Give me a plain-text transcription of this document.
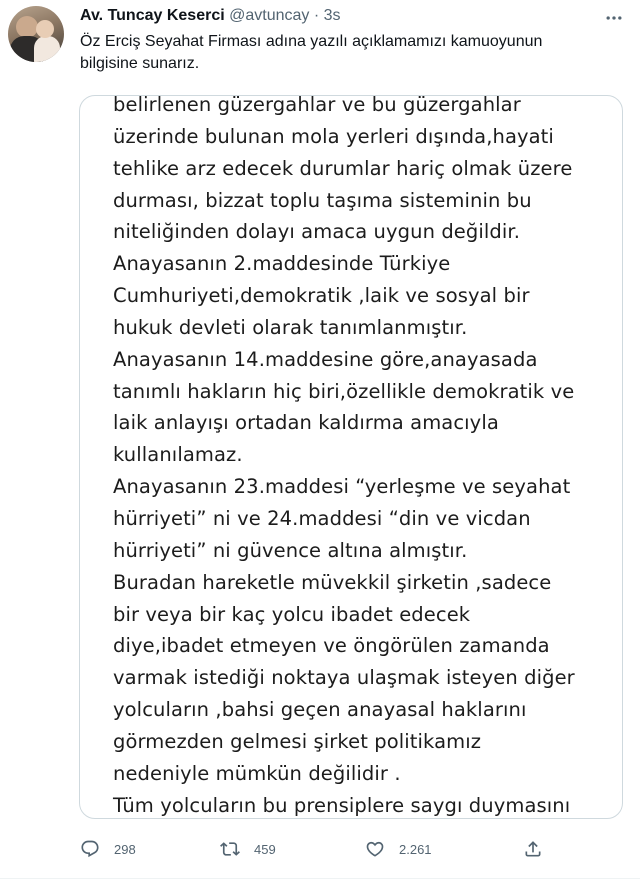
Av. Tuncay Keserci @avtuncay · 3s
Öz Erciş Seyahat Firması adına yazılı açıklamamızı kamuoyunun bilgisine sunarız.
belirlenen güzergahlar ve bu güzergahlar
üzerinde bulunan mola yerleri dışında,hayati
tehlike arz edecek durumlar hariç olmak üzere
durması, bizzat toplu taşıma sisteminin bu
niteliğinden dolayı amaca uygun değildir.
Anayasanın 2.maddesinde Türkiye
Cumhuriyeti,demokratik ,laik ve sosyal bir
hukuk devleti olarak tanımlanmıştır.
Anayasanın 14.maddesine göre,anayasada
tanımlı hakların hiç biri,özellikle demokratik ve
laik anlayışı ortadan kaldırma amacıyla
kullanılamaz.
Anayasanın 23.maddesi “yerleşme ve seyahat
hürriyeti” ni ve 24.maddesi “din ve vicdan
hürriyeti” ni güvence altına almıştır.
Buradan hareketle müvekkil şirketin ,sadece
bir veya bir kaç yolcu ibadet edecek
diye,ibadet etmeyen ve öngörülen zamanda
varmak istediği noktaya ulaşmak isteyen diğer
yolcuların ,bahsi geçen anayasal haklarını
görmezden gelmesi şirket politikamız
nedeniyle mümkün değilidir .
Tüm yolcuların bu prensiplere saygı duymasını
298	459	2.261
